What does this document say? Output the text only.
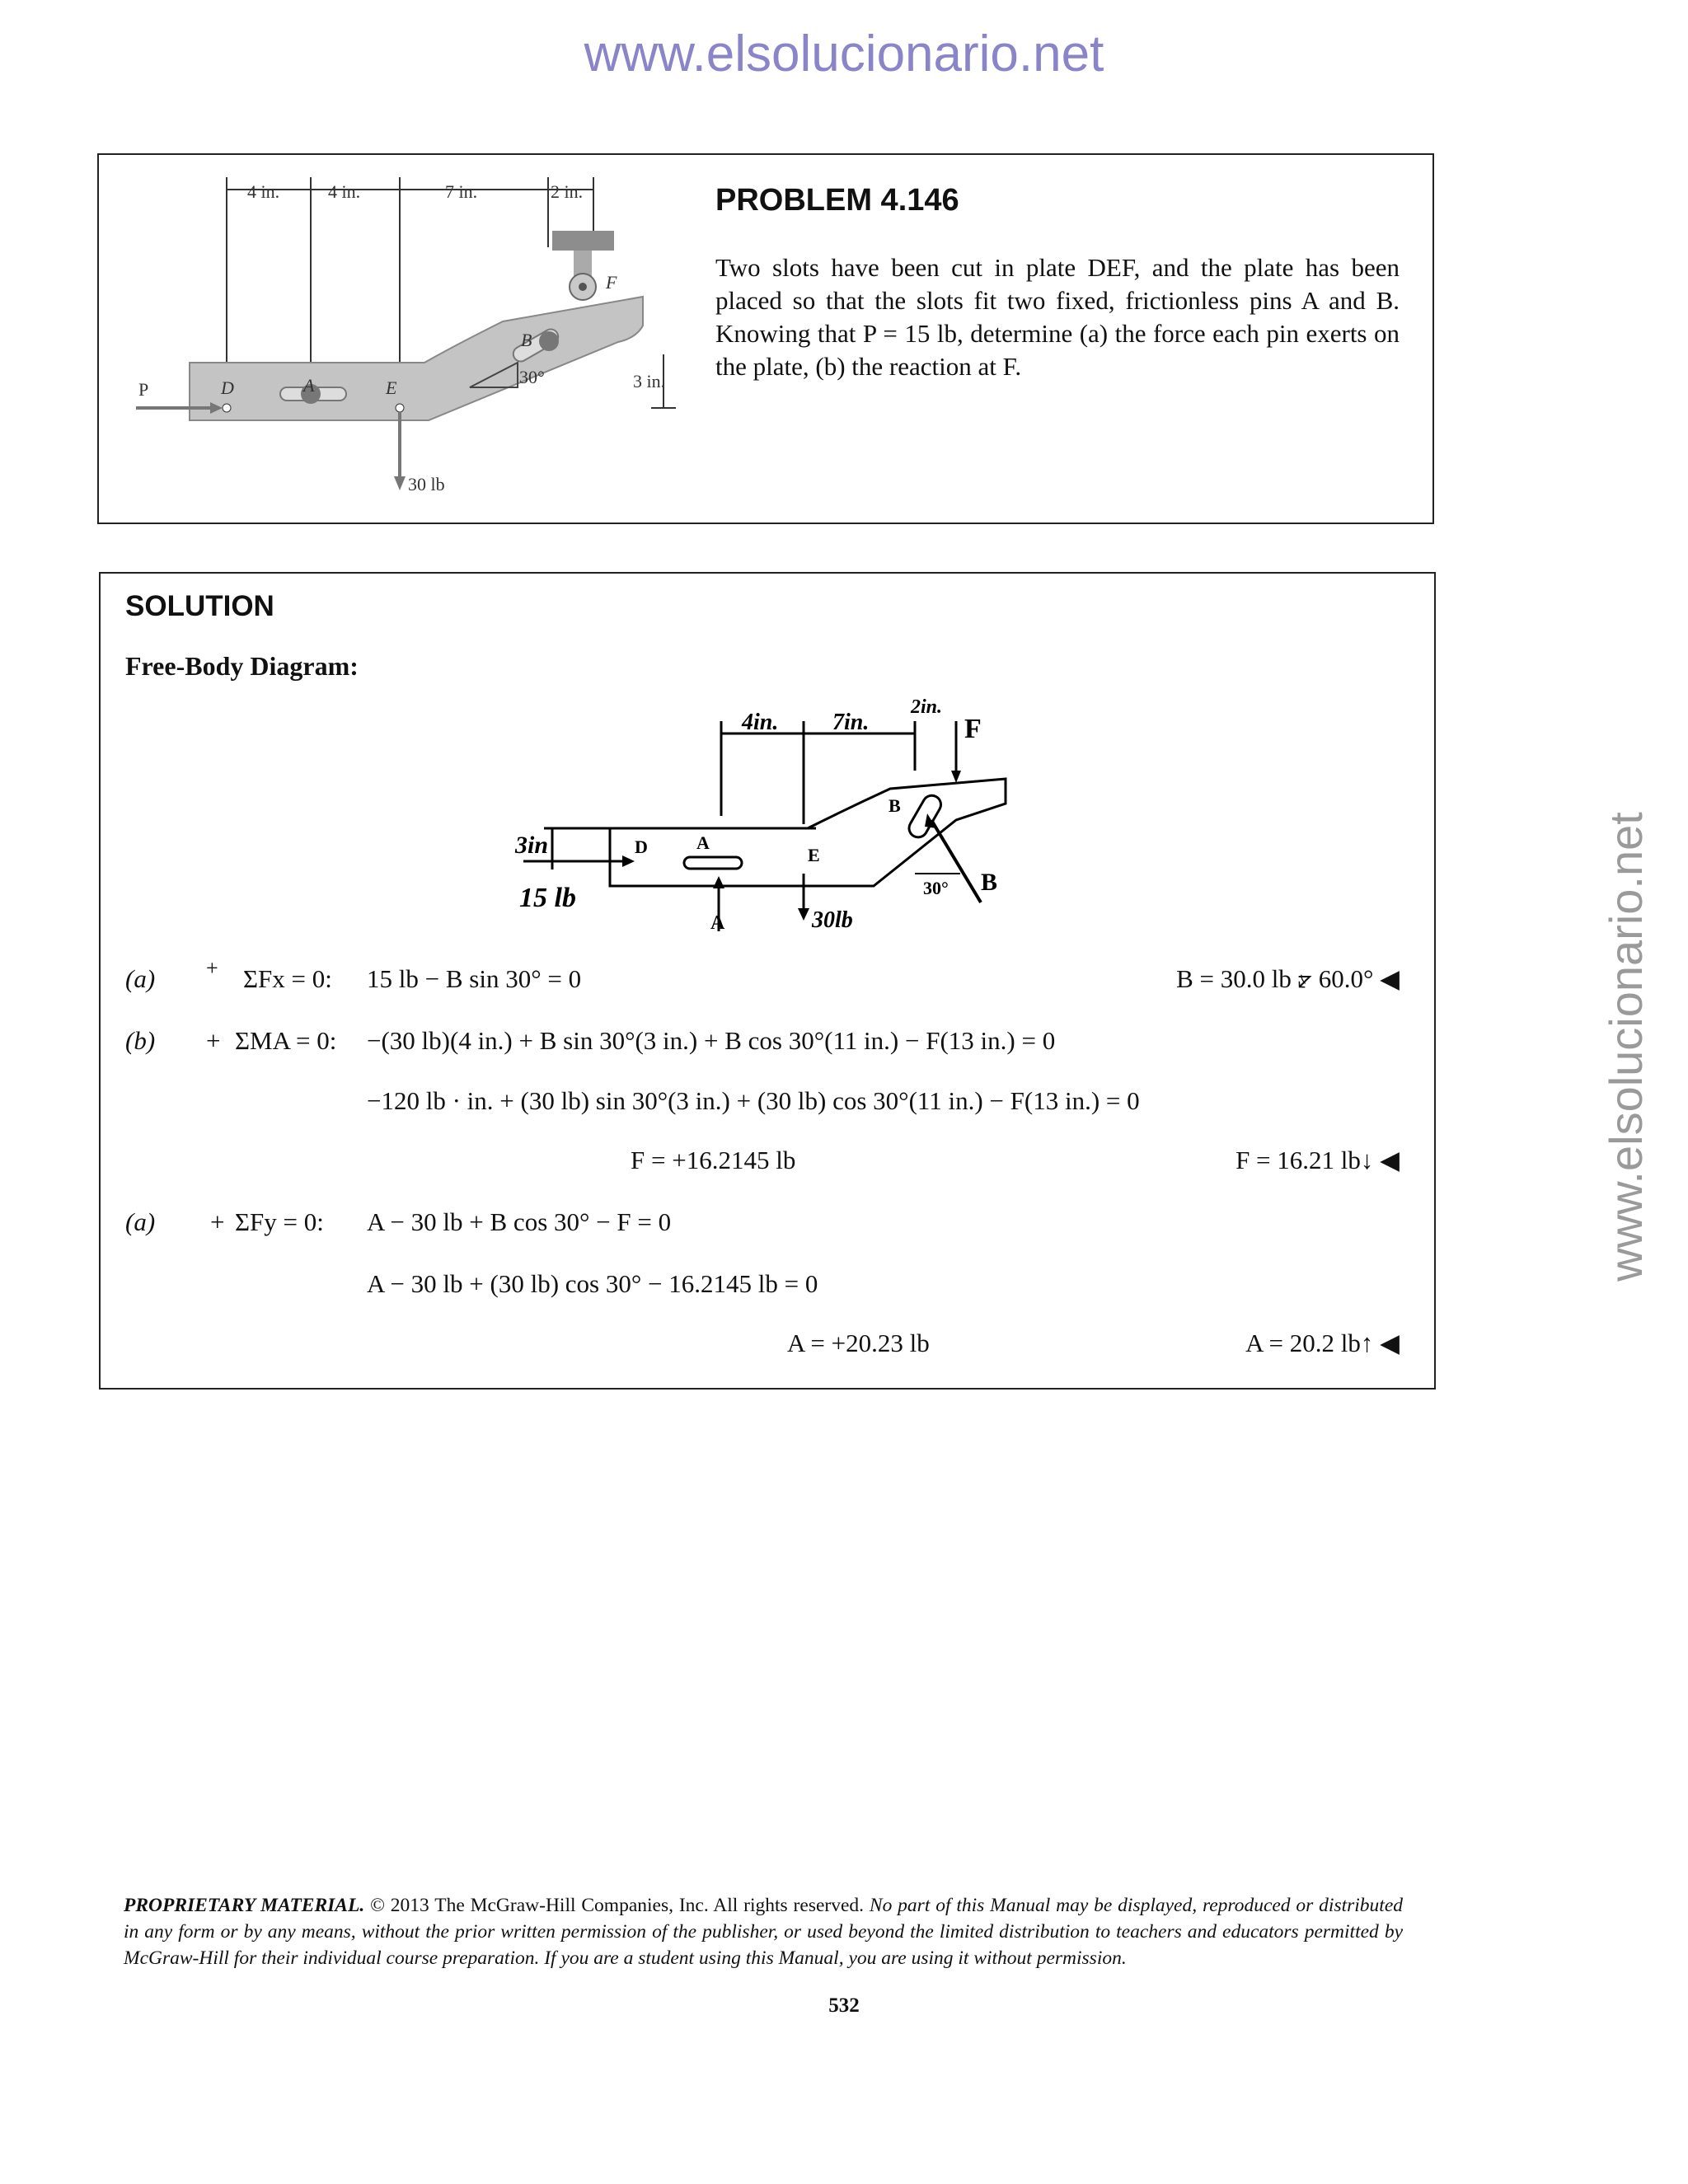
www.elsolucionario.net
www.elsolucionario.net
4 in.	4 in.	7 in.	2 in.
F
30°
B
D	A	E
P
30 lb
3 in.
PROBLEM 4.146
Two slots have been cut in plate DEF, and the plate has been placed so that the slots fit two fixed, frictionless pins A and B. Knowing that P = 15 lb, determine (a) the force each pin exerts on the plate, (b) the reaction at F.
SOLUTION
Free-Body Diagram:
4in. 7in.
2in.
F
3in
15 lb
D	A
A
E
30lb
B
B
30°
(a) + ΣFx = 0: 15 lb − B sin 30° = 0	B = 30.0 lb ⦫ 60.0° ◀
(b) + ΣMA = 0: −(30 lb)(4 in.) + B sin 30°(3 in.) + B cos 30°(11 in.) − F(13 in.) = 0
−120 lb · in. + (30 lb) sin 30°(3 in.) + (30 lb) cos 30°(11 in.) − F(13 in.) = 0
F = +16.2145 lb	F = 16.21 lb↓ ◀
(a) + ΣFy = 0: A − 30 lb + B cos 30° − F = 0
A − 30 lb + (30 lb) cos 30° − 16.2145 lb = 0
A = +20.23 lb	A = 20.2 lb↑ ◀
PROPRIETARY MATERIAL. © 2013 The McGraw-Hill Companies, Inc. All rights reserved. No part of this Manual may be displayed, reproduced or distributed in any form or by any means, without the prior written permission of the publisher, or used beyond the limited distribution to teachers and educators permitted by McGraw-Hill for their individual course preparation. If you are a student using this Manual, you are using it without permission.
532
